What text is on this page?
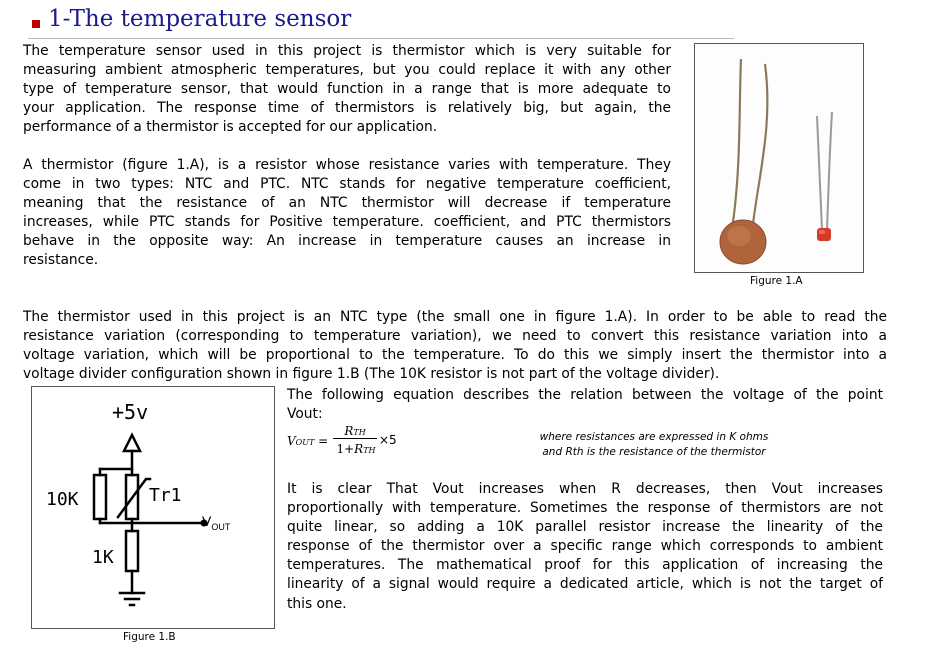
1-The temperature sensor
The temperature sensor used in this project is thermistor which is very suitable for
measuring ambient atmospheric temperatures, but you could replace it with any other
type of temperature sensor, that would function in a range that is more adequate to
your application. The response time of thermistors is relatively big, but again, the
performance of a thermistor is accepted for our application.
A thermistor (figure 1.A), is a resistor whose resistance varies with temperature. They
come in two types: NTC and PTC. NTC stands for negative temperature coefficient,
meaning that the resistance of an NTC thermistor will decrease if temperature
increases, while PTC stands for Positive temperature. coefficient, and PTC thermistors
behave in the opposite way: An increase in temperature causes an increase in
resistance.
Figure 1.A
The thermistor used in this project is an NTC type (the small one in figure 1.A). In order to be able to read the
resistance variation (corresponding to temperature variation), we need to convert this resistance variation into a
voltage variation, which will be proportional to the temperature. To do this we simply insert the thermistor into a
voltage divider configuration shown in figure 1.B (The 10K resistor is not part of the voltage divider).
+5v
10K	Tr1
1K
$V_{OUT}$
Figure 1.B
The following equation describes the relation between the voltage of the point
Vout:
VOUT =
RTH
1+RTH
×5	where resistances are expressed in K ohms
and Rth is the resistance of the thermistor
It is clear That Vout increases when R decreases, then Vout increases
proportionally with temperature. Sometimes the response of thermistors are not
quite linear, so adding a 10K parallel resistor increase the linearity of the
response of the thermistor over a specific range which corresponds to ambient
temperatures. The mathematical proof for this application of increasing the
linearity of a signal would require a dedicated article, which is not the target of
this one.
